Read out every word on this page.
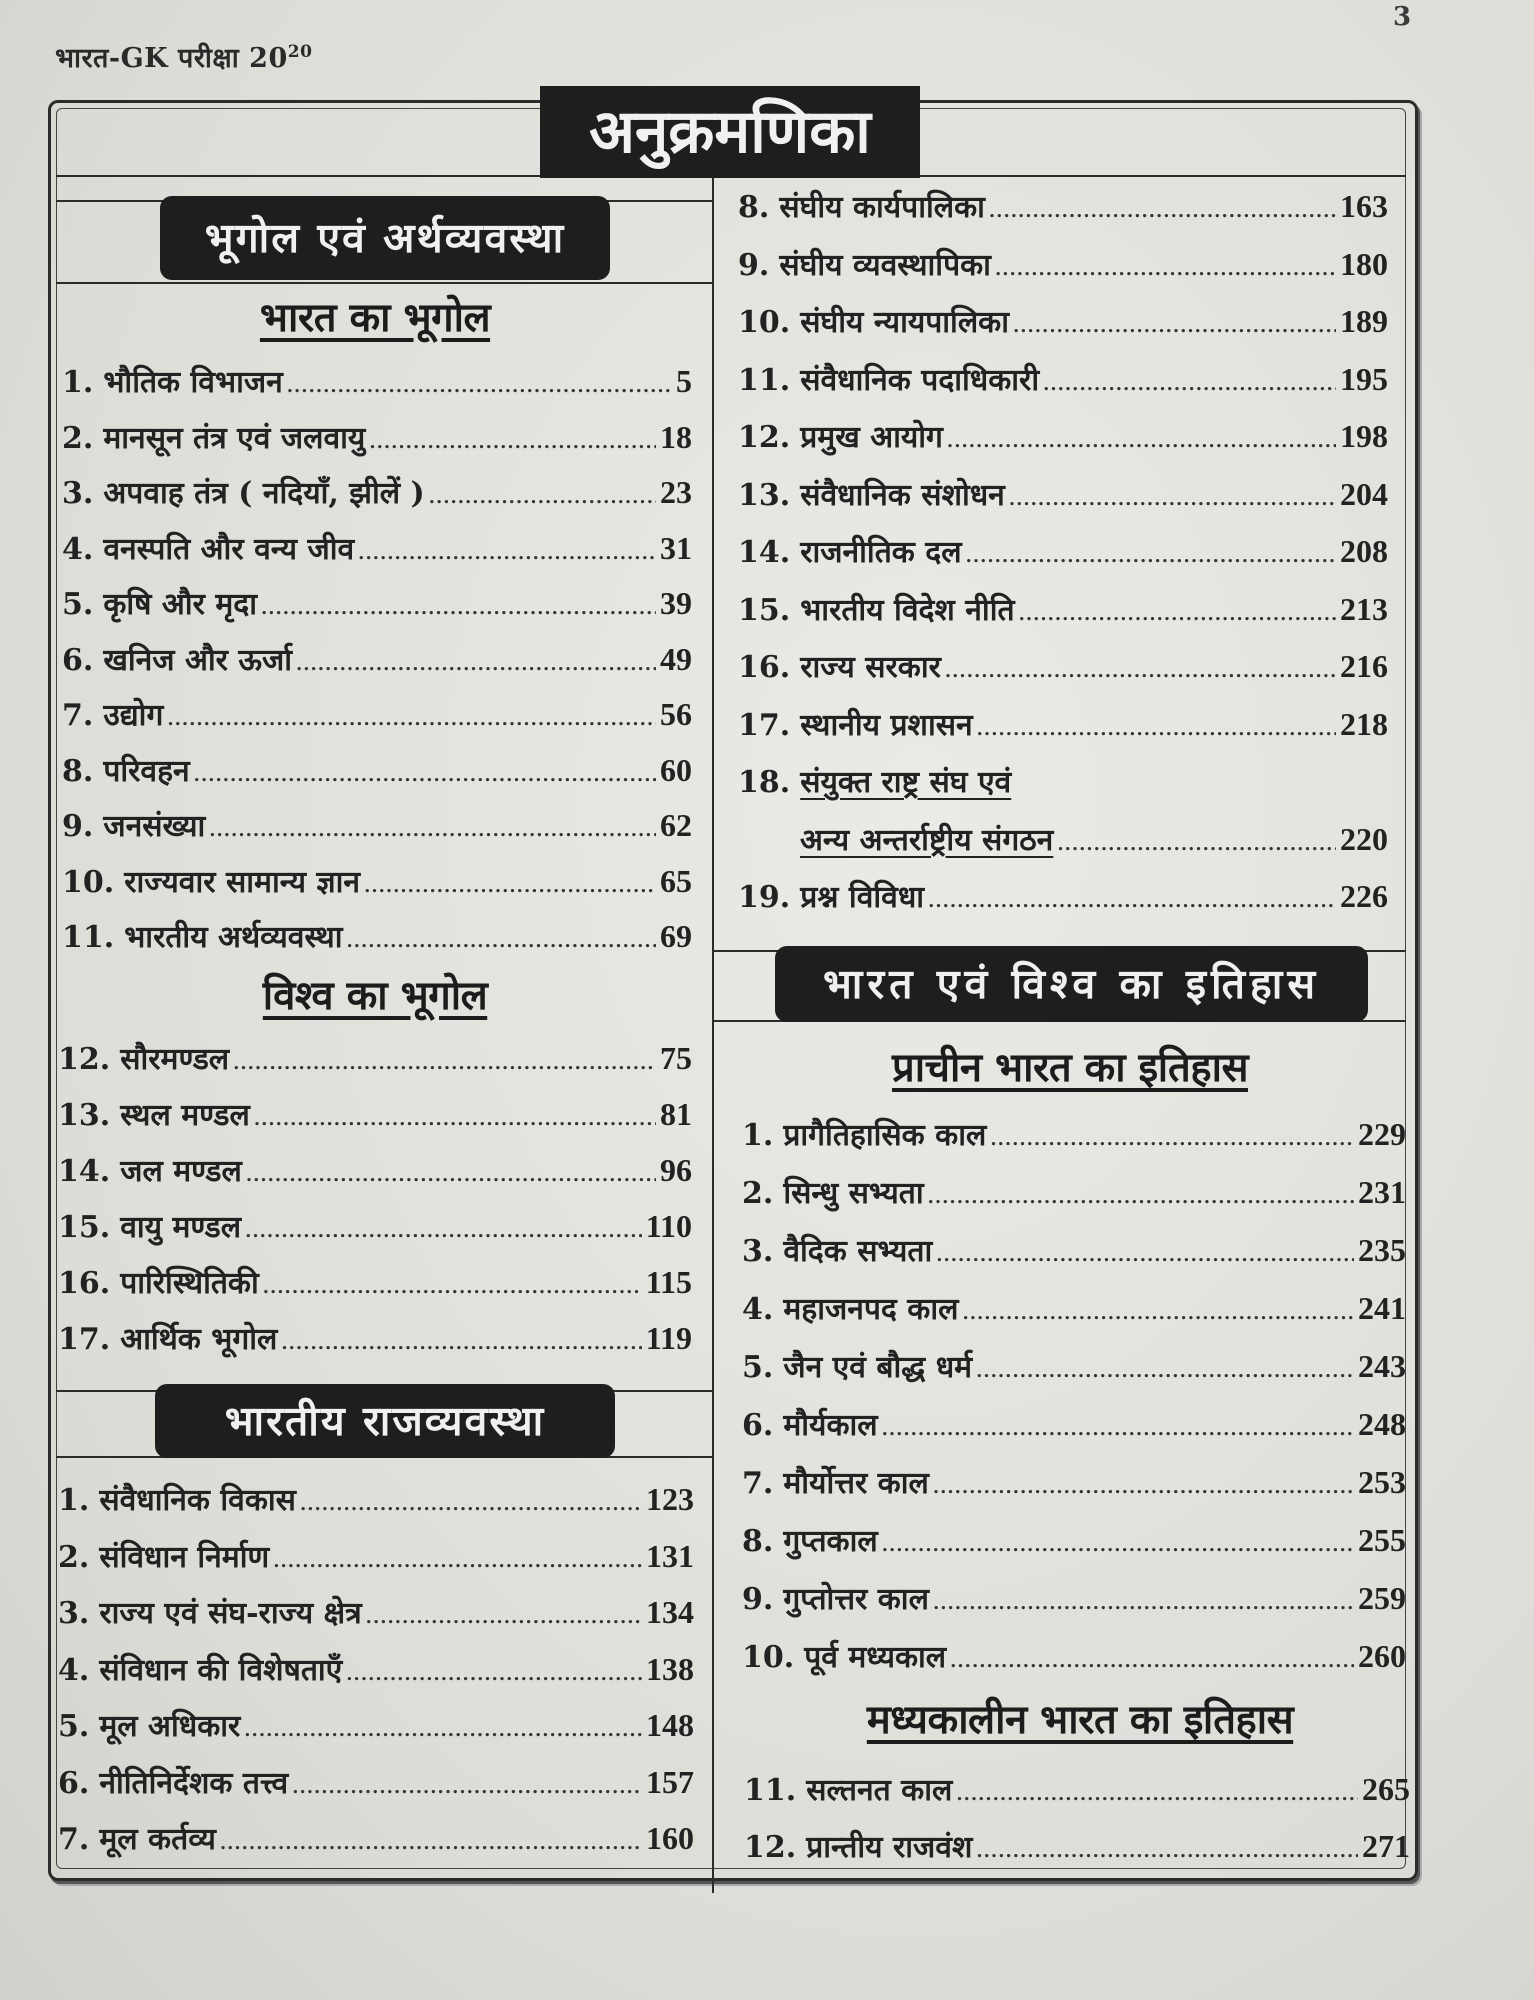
भारत-GK परीक्षा $20^{20}$
3
अनुक्रमणिका
भूगोल एवं अर्थव्यवस्था
भारत का भूगोल
1. भौतिक विभाजन .....	5
2. मानसून तंत्र एवं जलवायु .....	18
3. अपवाह तंत्र ( नदियाँ, झीलें ) .....	23
4. वनस्पति और वन्य जीव .....	31
5. कृषि और मृदा .....	39
6. खनिज और ऊर्जा .....	49
7. उद्योग .....	56
8. परिवहन .....	60
9. जनसंख्या .....	62
10. राज्यवार सामान्य ज्ञान .....	65
11. भारतीय अर्थव्यवस्था .....	69
विश्व का भूगोल
12. सौरमण्डल .....	75
13. स्थल मण्डल .....	81
14. जल मण्डल .....	96
15. वायु मण्डल .....	110
16. पारिस्थितिकी .....	115
17. आर्थिक भूगोल .....	119
भारतीय राजव्यवस्था
1. संवैधानिक विकास .....	123
2. संविधान निर्माण .....	131
3. राज्य एवं संघ-राज्य क्षेत्र .....	134
4. संविधान की विशेषताएँ .....	138
5. मूल अधिकार .....	148
6. नीतिनिर्देशक तत्त्व .....	157
7. मूल कर्तव्य .....	160
8. संघीय कार्यपालिका .....	163
9. संघीय व्यवस्थापिका .....	180
10. संघीय न्यायपालिका .....	189
11. संवैधानिक पदाधिकारी .....	195
12. प्रमुख आयोग .....	198
13. संवैधानिक संशोधन .....	204
14. राजनीतिक दल .....	208
15. भारतीय विदेश नीति .....	213
16. राज्य सरकार .....	216
17. स्थानीय प्रशासन .....	218
18. संयुक्त राष्ट्र संघ एवं
अन्य अन्तर्राष्ट्रीय संगठन .....	220
19. प्रश्न विविधा .....	226
भारत एवं विश्व का इतिहास
प्राचीन भारत का इतिहास
1. प्रागैतिहासिक काल .....	229
2. सिन्धु सभ्यता .....	231
3. वैदिक सभ्यता .....	235
4. महाजनपद काल .....	241
5. जैन एवं बौद्ध धर्म .....	243
6. मौर्यकाल .....	248
7. मौर्योत्तर काल .....	253
8. गुप्तकाल .....	255
9. गुप्तोत्तर काल .....	259
10. पूर्व मध्यकाल .....	260
मध्यकालीन भारत का इतिहास
11. सल्तनत काल .....	265
12. प्रान्तीय राजवंश .....	271
